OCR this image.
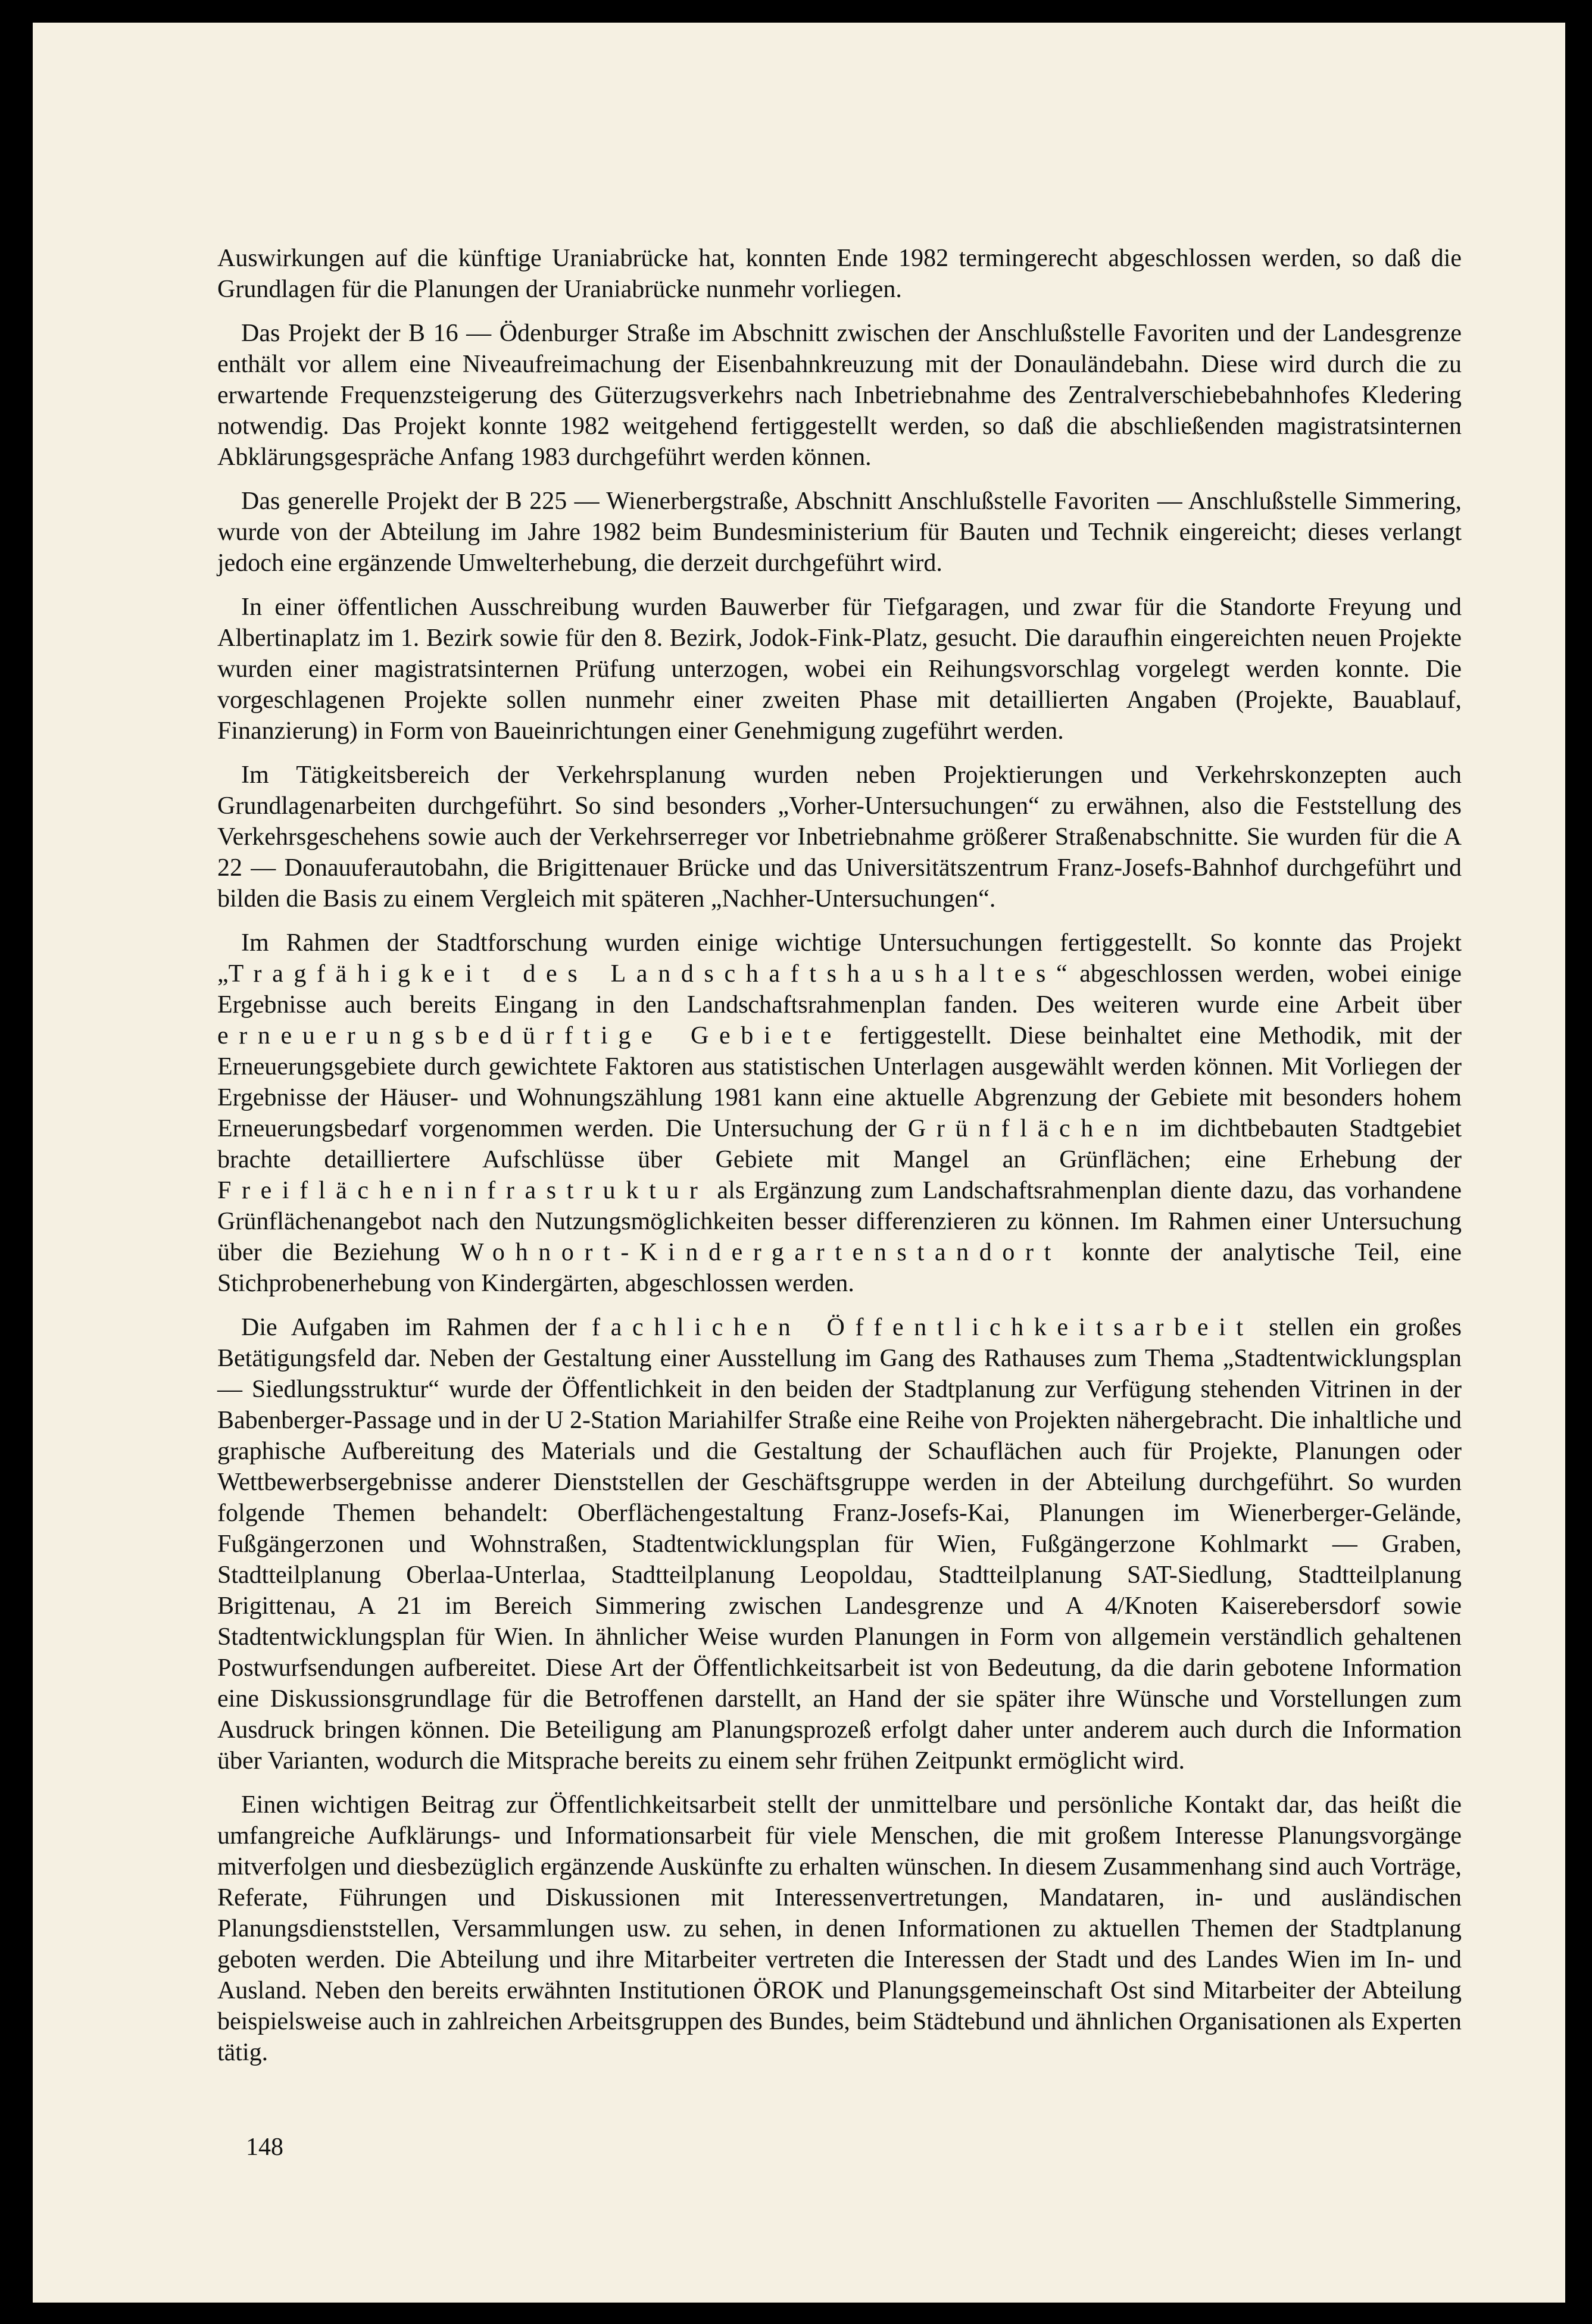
Auswirkungen auf die künftige Uraniabrücke hat, konnten Ende 1982 termingerecht abgeschlossen werden, so daß die Grundlagen für die Planungen der Uraniabrücke nunmehr vorliegen.

Das Projekt der B 16 — Ödenburger Straße im Abschnitt zwischen der Anschlußstelle Favoriten und der Landesgrenze enthält vor allem eine Niveaufreimachung der Eisenbahnkreuzung mit der Donauländebahn. Diese wird durch die zu erwartende Frequenzsteigerung des Güterzugsverkehrs nach Inbetriebnahme des Zentralverschiebebahnhofes Kledering notwendig. Das Projekt konnte 1982 weitgehend fertiggestellt werden, so daß die abschließenden magistratsinternen Abklärungsgespräche Anfang 1983 durchgeführt werden können.

Das generelle Projekt der B 225 — Wienerbergstraße, Abschnitt Anschlußstelle Favoriten — Anschlußstelle Simmering, wurde von der Abteilung im Jahre 1982 beim Bundesministerium für Bauten und Technik eingereicht; dieses verlangt jedoch eine ergänzende Umwelterhebung, die derzeit durchgeführt wird.

In einer öffentlichen Ausschreibung wurden Bauwerber für Tiefgaragen, und zwar für die Standorte Freyung und Albertinaplatz im 1. Bezirk sowie für den 8. Bezirk, Jodok-Fink-Platz, gesucht. Die daraufhin eingereichten neuen Projekte wurden einer magistratsinternen Prüfung unterzogen, wobei ein Reihungsvorschlag vorgelegt werden konnte. Die vorgeschlagenen Projekte sollen nunmehr einer zweiten Phase mit detaillierten Angaben (Projekte, Bauablauf, Finanzierung) in Form von Baueinrichtungen einer Genehmigung zugeführt werden.

Im Tätigkeitsbereich der Verkehrsplanung wurden neben Projektierungen und Verkehrskonzepten auch Grundlagenarbeiten durchgeführt. So sind besonders „Vorher-Untersuchungen“ zu erwähnen, also die Feststellung des Verkehrsgeschehens sowie auch der Verkehrserreger vor Inbetriebnahme größerer Straßenabschnitte. Sie wurden für die A 22 — Donauuferautobahn, die Brigittenauer Brücke und das Universitätszentrum Franz-Josefs-Bahnhof durchgeführt und bilden die Basis zu einem Vergleich mit späteren „Nachher-Untersuchungen“.

Im Rahmen der Stadtforschung wurden einige wichtige Untersuchungen fertiggestellt. So konnte das Projekt „Tragfähigkeit des Landschaftshaushaltes“ abgeschlossen werden, wobei einige Ergebnisse auch bereits Eingang in den Landschaftsrahmenplan fanden. Des weiteren wurde eine Arbeit über erneuerungsbedürftige Gebiete fertiggestellt. Diese beinhaltet eine Methodik, mit der Erneuerungsgebiete durch gewichtete Faktoren aus statistischen Unterlagen ausgewählt werden können. Mit Vorliegen der Ergebnisse der Häuser- und Wohnungszählung 1981 kann eine aktuelle Abgrenzung der Gebiete mit besonders hohem Erneuerungsbedarf vorgenommen werden. Die Untersuchung der Grünflächen im dichtbebauten Stadtgebiet brachte detailliertere Aufschlüsse über Gebiete mit Mangel an Grünflächen; eine Erhebung der Freiflächeninfrastruktur als Ergänzung zum Landschaftsrahmenplan diente dazu, das vorhandene Grünflächenangebot nach den Nutzungsmöglichkeiten besser differenzieren zu können. Im Rahmen einer Untersuchung über die Beziehung Wohnort-Kindergartenstandort konnte der analytische Teil, eine Stichprobenerhebung von Kindergärten, abgeschlossen werden.

Die Aufgaben im Rahmen der fachlichen Öffentlichkeitsarbeit stellen ein großes Betätigungsfeld dar. Neben der Gestaltung einer Ausstellung im Gang des Rathauses zum Thema „Stadtentwicklungsplan — Siedlungsstruktur“ wurde der Öffentlichkeit in den beiden der Stadtplanung zur Verfügung stehenden Vitrinen in der Babenberger-Passage und in der U 2-Station Mariahilfer Straße eine Reihe von Projekten nähergebracht. Die inhaltliche und graphische Aufbereitung des Materials und die Gestaltung der Schauflächen auch für Projekte, Planungen oder Wettbewerbsergebnisse anderer Dienststellen der Geschäftsgruppe werden in der Abteilung durchgeführt. So wurden folgende Themen behandelt: Oberflächengestaltung Franz-Josefs-Kai, Planungen im Wienerberger-Gelände, Fußgängerzonen und Wohnstraßen, Stadtentwicklungsplan für Wien, Fußgängerzone Kohlmarkt — Graben, Stadtteilplanung Oberlaa-Unterlaa, Stadtteilplanung Leopoldau, Stadtteilplanung SAT-Siedlung, Stadtteilplanung Brigittenau, A 21 im Bereich Simmering zwischen Landesgrenze und A 4/Knoten Kaiserebersdorf sowie Stadtentwicklungsplan für Wien. In ähnlicher Weise wurden Planungen in Form von allgemein verständlich gehaltenen Postwurfsendungen aufbereitet. Diese Art der Öffentlichkeitsarbeit ist von Bedeutung, da die darin gebotene Information eine Diskussionsgrundlage für die Betroffenen darstellt, an Hand der sie später ihre Wünsche und Vorstellungen zum Ausdruck bringen können. Die Beteiligung am Planungsprozeß erfolgt daher unter anderem auch durch die Information über Varianten, wodurch die Mitsprache bereits zu einem sehr frühen Zeitpunkt ermöglicht wird.

Einen wichtigen Beitrag zur Öffentlichkeitsarbeit stellt der unmittelbare und persönliche Kontakt dar, das heißt die umfangreiche Aufklärungs- und Informationsarbeit für viele Menschen, die mit großem Interesse Planungsvorgänge mitverfolgen und diesbezüglich ergänzende Auskünfte zu erhalten wünschen. In diesem Zusammenhang sind auch Vorträge, Referate, Führungen und Diskussionen mit Interessenvertretungen, Mandataren, in- und ausländischen Planungsdienststellen, Versammlungen usw. zu sehen, in denen Informationen zu aktuellen Themen der Stadtplanung geboten werden. Die Abteilung und ihre Mitarbeiter vertreten die Interessen der Stadt und des Landes Wien im In- und Ausland. Neben den bereits erwähnten Institutionen ÖROK und Planungsgemeinschaft Ost sind Mitarbeiter der Abteilung beispielsweise auch in zahlreichen Arbeitsgruppen des Bundes, beim Städtebund und ähnlichen Organisationen als Experten tätig.

148
